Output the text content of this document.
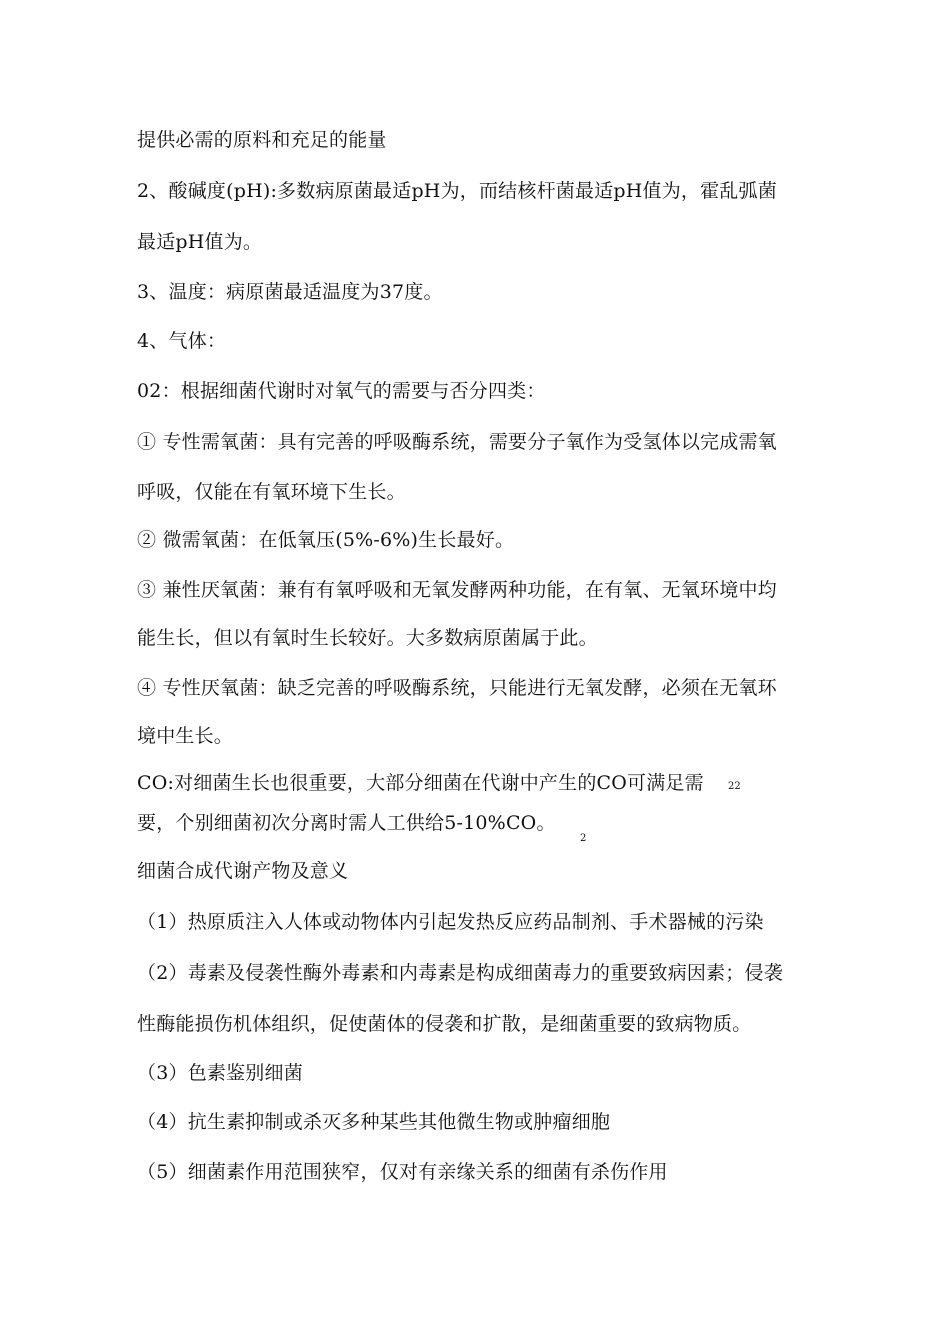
提供必需的原料和充足的能量
2、酸碱度(pH):多数病原菌最适pH为，而结核杆菌最适pH值为，霍乱弧菌
最适pH值为。
3、温度：病原菌最适温度为37度。
4、气体：
02：根据细菌代谢时对氧气的需要与否分四类：
① 专性需氧菌：具有完善的呼吸酶系统，需要分子氧作为受氢体以完成需氧
呼吸，仅能在有氧环境下生长。
② 微需氧菌：在低氧压(5%-6%)生长最好。
③ 兼性厌氧菌：兼有有氧呼吸和无氧发酵两种功能，在有氧、无氧环境中均
能生长，但以有氧时生长较好。大多数病原菌属于此。
④ 专性厌氧菌：缺乏完善的呼吸酶系统，只能进行无氧发酵，必须在无氧环
境中生长。
CO:对细菌生长也很重要，大部分细菌在代谢中产生的CO可满足需 22
要，个别细菌初次分离时需人工供给5-10%CO。
2
细菌合成代谢产物及意义
（1）热原质注入人体或动物体内引起发热反应药品制剂、手术器械的污染
（2）毒素及侵袭性酶外毒素和内毒素是构成细菌毒力的重要致病因素；侵袭
性酶能损伤机体组织，促使菌体的侵袭和扩散，是细菌重要的致病物质。
（3）色素鉴别细菌
（4）抗生素抑制或杀灭多种某些其他微生物或肿瘤细胞
（5）细菌素作用范围狭窄，仅对有亲缘关系的细菌有杀伤作用
